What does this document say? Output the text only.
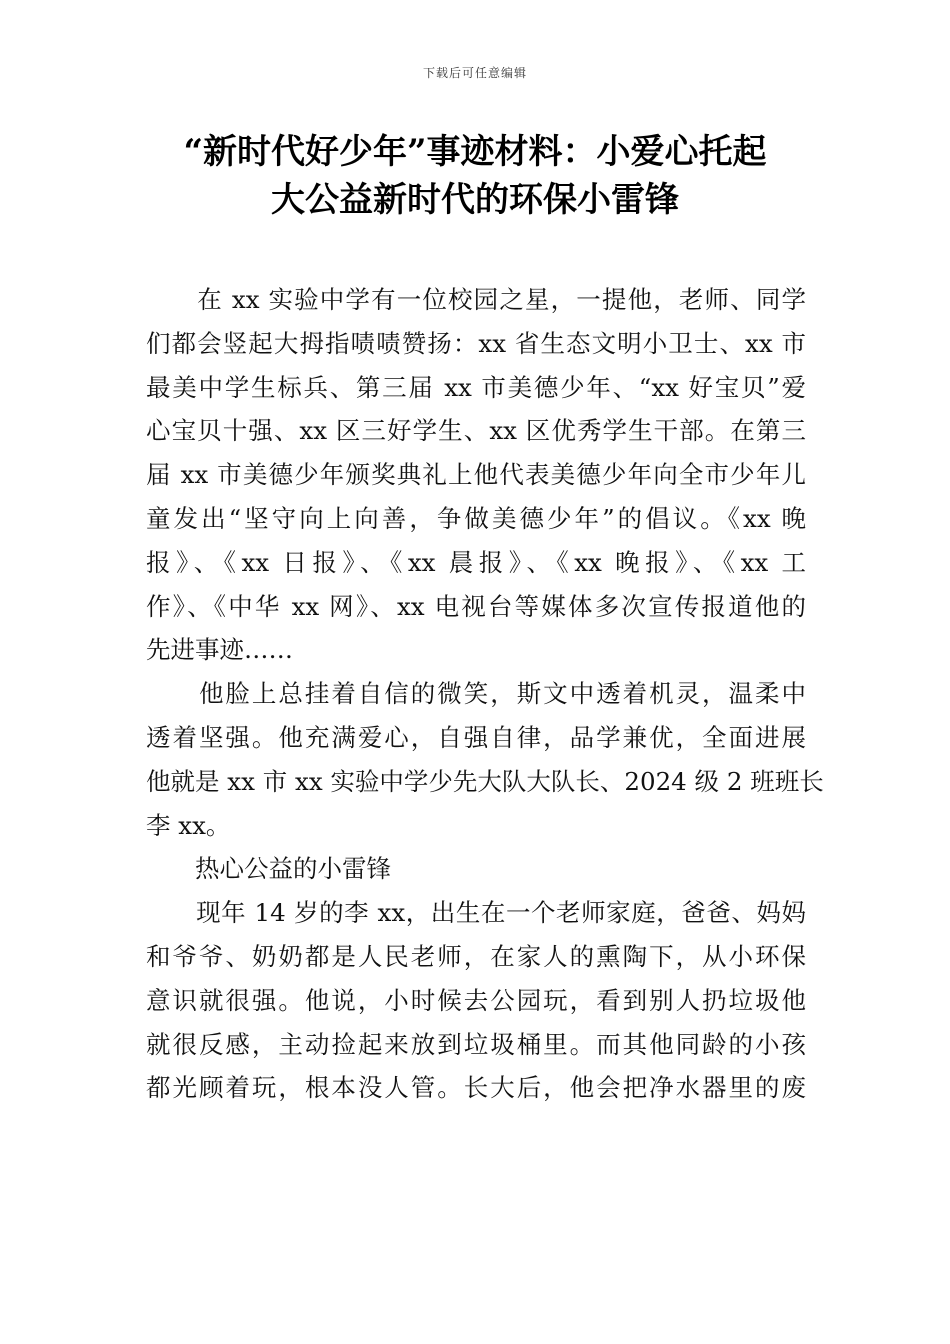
下载后可任意编辑
“新时代好少年”事迹材料：小爱心托起
大公益新时代的环保小雷锋
　　在 xx 实验中学有一位校园之星，一提他，老师、同学
们都会竖起大拇指啧啧赞扬：xx 省生态文明小卫士、xx 市
最美中学生标兵、第三届 xx 市美德少年、“xx 好宝贝”爱
心宝贝十强、xx 区三好学生、xx 区优秀学生干部。在第三
届 xx 市美德少年颁奖典礼上他代表美德少年向全市少年儿
童发出“坚守向上向善，争做美德少年”的倡议。《xx 晚
报》、《xx 日报》、《xx 晨报》、《xx 晚报》、《xx 工
作》、《中华 xx 网》、xx 电视台等媒体多次宣传报道他的
先进事迹……
　　他脸上总挂着自信的微笑，斯文中透着机灵，温柔中
透着坚强。他充满爱心，自强自律，品学兼优，全面进展
他就是 xx 市 xx 实验中学少先大队大队长、2024 级 2 班班长
李 xx。
　　热心公益的小雷锋
　　现年 14 岁的李 xx，出生在一个老师家庭，爸爸、妈妈
和爷爷、奶奶都是人民老师，在家人的熏陶下，从小环保
意识就很强。他说，小时候去公园玩，看到别人扔垃圾他
就很反感，主动捡起来放到垃圾桶里。而其他同龄的小孩
都光顾着玩，根本没人管。长大后，他会把净水器里的废
